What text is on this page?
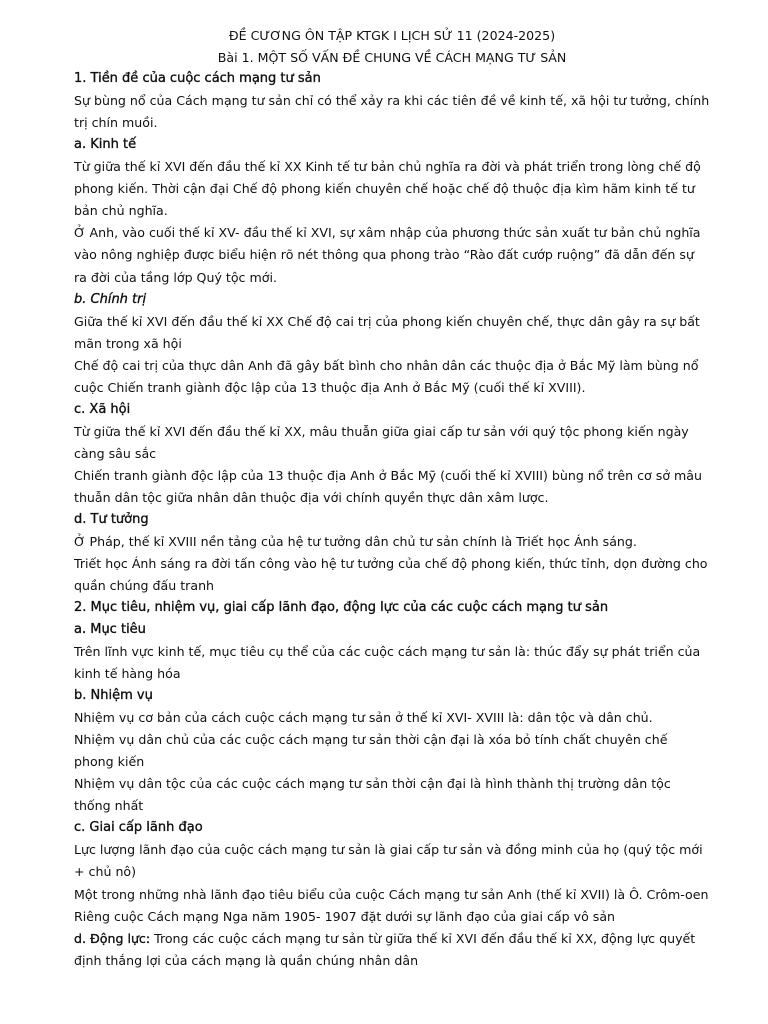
ĐỀ CƯƠNG ÔN TẬP KTGK I LỊCH SỬ 11 (2024-2025)
Bài 1. MỘT SỐ VẤN ĐỀ CHUNG VỀ CÁCH MẠNG TƯ SẢN
1. Tiền đề của cuộc cách mạng tư sản

Sự bùng nổ của Cách mạng tư sản chỉ có thể xảy ra khi các tiên đề về kinh tế, xã hội tư tưởng, chính trị chín muồi.

a. Kinh tế

Từ giữa thế kỉ XVI đến đầu thế kỉ XX Kinh tế tư bản chủ nghĩa ra đời và phát triển trong lòng chế độ phong kiến. Thời cận đại Chế độ phong kiến chuyên chế hoặc chế độ thuộc địa kìm hãm kinh tế tư bản chủ nghĩa.

Ở Anh, vào cuối thế kỉ XV- đầu thế kỉ XVI, sự xâm nhập của phương thức sản xuất tư bản chủ nghĩa vào nông nghiệp được biểu hiện rõ nét thông qua phong trào “Rào đất cướp ruộng” đã dẫn đến sự ra đời của tầng lớp Quý tộc mới.

b. Chính trị

Giữa thế kỉ XVI đến đầu thế kỉ XX Chế độ cai trị của phong kiến chuyên chế, thực dân gây ra sự bất mãn trong xã hội

Chế độ cai trị của thực dân Anh đã gây bất bình cho nhân dân các thuộc địa ở Bắc Mỹ làm bùng nổ cuộc Chiến tranh giành độc lập của 13 thuộc địa Anh ở Bắc Mỹ (cuối thế kỉ XVIII).

c. Xã hội

Từ giữa thế kỉ XVI đến đầu thế kỉ XX, mâu thuẫn giữa giai cấp tư sản với quý tộc phong kiến ngày càng sâu sắc

Chiến tranh giành độc lập của 13 thuộc địa Anh ở Bắc Mỹ (cuối thế kỉ XVIII) bùng nổ trên cơ sở mâu thuẫn dân tộc giữa nhân dân thuộc địa với chính quyền thực dân xâm lược.

d. Tư tưởng

Ở Pháp, thế kỉ XVIII nền tảng của hệ tư tưởng dân chủ tư sản chính là Triết học Ánh sáng.

Triết học Ánh sáng ra đời tấn công vào hệ tư tưởng của chế độ phong kiến, thức tỉnh, dọn đường cho quần chúng đấu tranh

2. Mục tiêu, nhiệm vụ, giai cấp lãnh đạo, động lực của các cuộc cách mạng tư sản
a. Mục tiêu

Trên lĩnh vực kinh tế, mục tiêu cụ thể của các cuộc cách mạng tư sản là: thúc đẩy sự phát triển của kinh tế hàng hóa

b. Nhiệm vụ

Nhiệm vụ cơ bản của cách cuộc cách mạng tư sản ở thế kỉ XVI- XVIII là: dân tộc và dân chủ.

Nhiệm vụ dân chủ của các cuộc cách mạng tư sản thời cận đại là xóa bỏ tính chất chuyên chế phong kiến

Nhiệm vụ dân tộc của các cuộc cách mạng tư sản thời cận đại là hình thành thị trường dân tộc thống nhất

c. Giai cấp lãnh đạo

Lực lượng lãnh đạo của cuộc cách mạng tư sản là giai cấp tư sản và đồng minh của họ (quý tộc mới + chủ nô)

Một trong những nhà lãnh đạo tiêu biểu của cuộc Cách mạng tư sản Anh (thế kỉ XVII) là Ô. Crôm-oen

Riêng cuộc Cách mạng Nga năm 1905- 1907 đặt dưới sự lãnh đạo của giai cấp vô sản

d. Động lực: Trong các cuộc cách mạng tư sản từ giữa thế kỉ XVI đến đầu thế kỉ XX, động lực quyết định thắng lợi của cách mạng là quần chúng nhân dân
